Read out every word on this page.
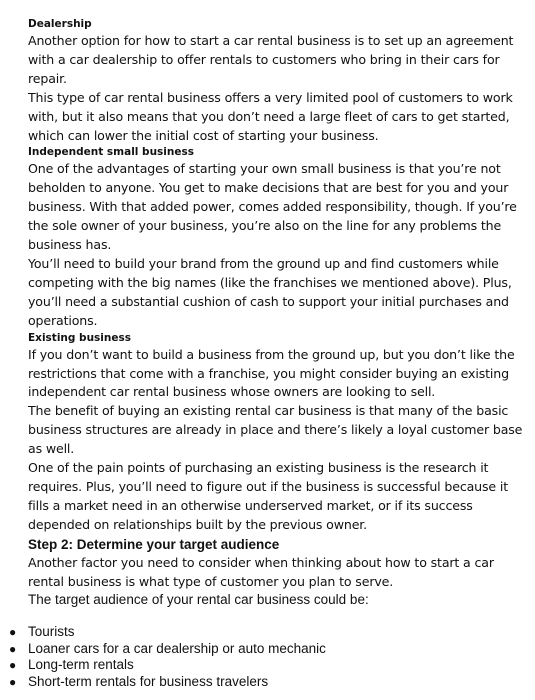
Dealership

Another option for how to start a car rental business is to set up an agreement with a car dealership to offer rentals to customers who bring in their cars for repair.

This type of car rental business offers a very limited pool of customers to work with, but it also means that you don’t need a large fleet of cars to get started, which can lower the initial cost of starting your business.

Independent small business

One of the advantages of starting your own small business is that you’re not beholden to anyone. You get to make decisions that are best for you and your business. With that added power, comes added responsibility, though. If you’re the sole owner of your business, you’re also on the line for any problems the business has.

You’ll need to build your brand from the ground up and find customers while competing with the big names (like the franchises we mentioned above). Plus, you’ll need a substantial cushion of cash to support your initial purchases and operations.

Existing business

If you don’t want to build a business from the ground up, but you don’t like the restrictions that come with a franchise, you might consider buying an existing independent car rental business whose owners are looking to sell.

The benefit of buying an existing rental car business is that many of the basic business structures are already in place and there’s likely a loyal customer base as well.

One of the pain points of purchasing an existing business is the research it requires. Plus, you’ll need to figure out if the business is successful because it fills a market need in an otherwise underserved market, or if its success depended on relationships built by the previous owner.

Step 2: Determine your target audience

Another factor you need to consider when thinking about how to start a car rental business is what type of customer you plan to serve.

The target audience of your rental car business could be:

● Tourists
● Loaner cars for a car dealership or auto mechanic
● Long-term rentals
● Short-term rentals for business travelers
